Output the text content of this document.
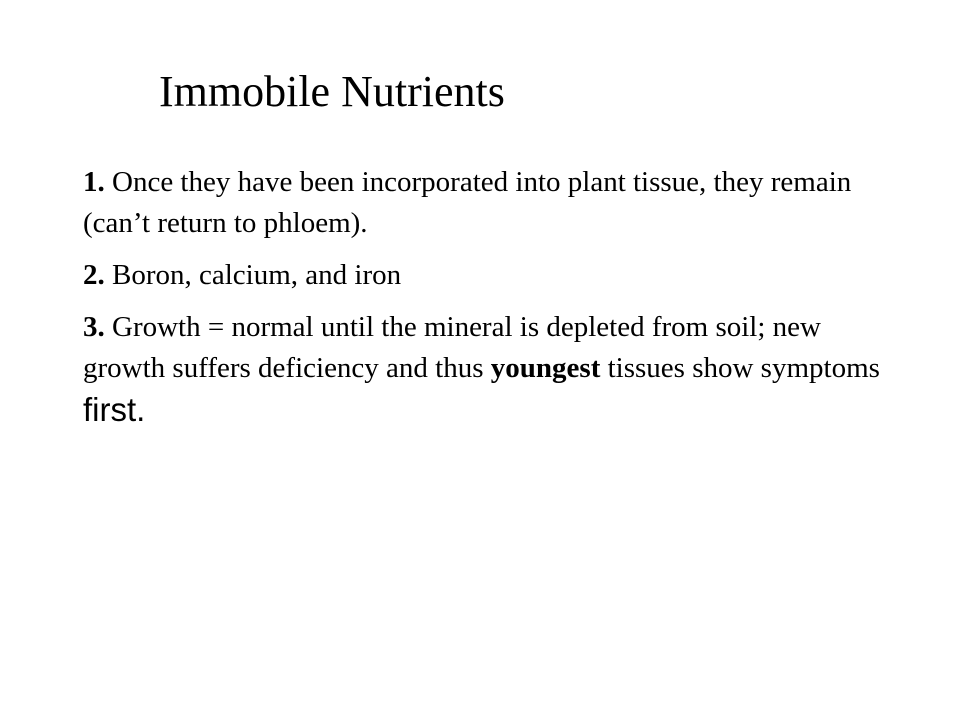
Immobile Nutrients

1. Once they have been incorporated into plant tissue, they remain (can’t return to phloem).

2. Boron, calcium, and iron

3. Growth = normal until the mineral is depleted from soil; new growth suffers deficiency and thus youngest tissues show symptoms first.
